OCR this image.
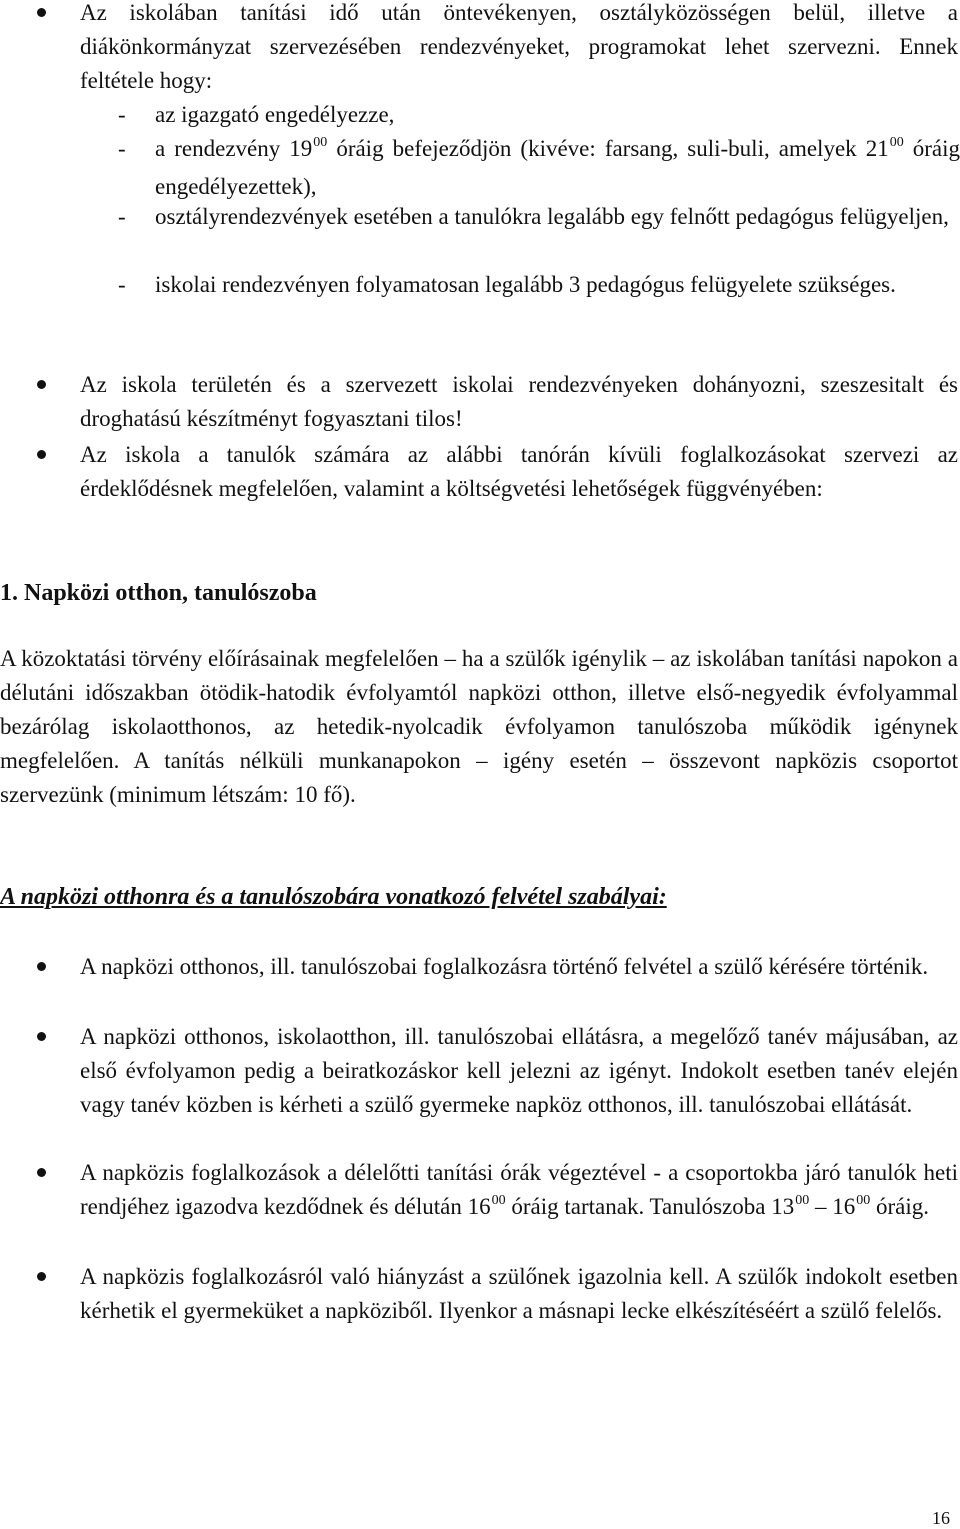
Az iskolában tanítási idő után öntevékenyen, osztályközösségen belül, illetve a diákönkormányzat szervezésében rendezvényeket, programokat lehet szervezni. Ennek feltétele hogy:
- az igazgató engedélyezze,
- a rendezvény $19^{00}$ óráig befejeződjön (kivéve: farsang, suli-buli, amelyek $21^{00}$ óráig engedélyezettek),
- osztályrendezvények esetében a tanulókra legalább egy felnőtt pedagógus felügyeljen,
- iskolai rendezvényen folyamatosan legalább 3 pedagógus felügyelete szükséges.
Az iskola területén és a szervezett iskolai rendezvényeken dohányozni, szeszesitalt és droghatású készítményt fogyasztani tilos!
Az iskola a tanulók számára az alábbi tanórán kívüli foglalkozásokat szervezi az érdeklődésnek megfelelően, valamint a költségvetési lehetőségek függvényében:
1. Napközi otthon, tanulószoba
A közoktatási törvény előírásainak megfelelően – ha a szülők igénylik – az iskolában tanítási napokon a délutáni időszakban ötödik-hatodik évfolyamtól napközi otthon, illetve első-negyedik évfolyammal bezárólag iskolaotthonos, az hetedik-nyolcadik évfolyamon tanulószoba működik igénynek megfelelően. A tanítás nélküli munkanapokon – igény esetén – összevont napközis csoportot szervezünk (minimum létszám: 10 fő).
A napközi otthonra és a tanulószobára vonatkozó felvétel szabályai:
A napközi otthonos, ill. tanulószobai foglalkozásra történő felvétel a szülő kérésére történik.
A napközi otthonos, iskolaotthon, ill. tanulószobai ellátásra, a megelőző tanév májusában, az első évfolyamon pedig a beiratkozáskor kell jelezni az igényt. Indokolt esetben tanév elején vagy tanév közben is kérheti a szülő gyermeke napköz otthonos, ill. tanulószobai ellátását.
A napközis foglalkozások a délelőtti tanítási órák végeztével - a csoportokba járó tanulók heti rendjéhez igazodva kezdődnek és délután $16^{00}$ óráig tartanak. Tanulószoba $13^{00} - 16^{00}$ óráig.
A napközis foglalkozásról való hiányzást a szülőnek igazolnia kell. A szülők indokolt esetben kérhetik el gyermeküket a napköziből. Ilyenkor a másnapi lecke elkészítéséért a szülő felelős.
16
